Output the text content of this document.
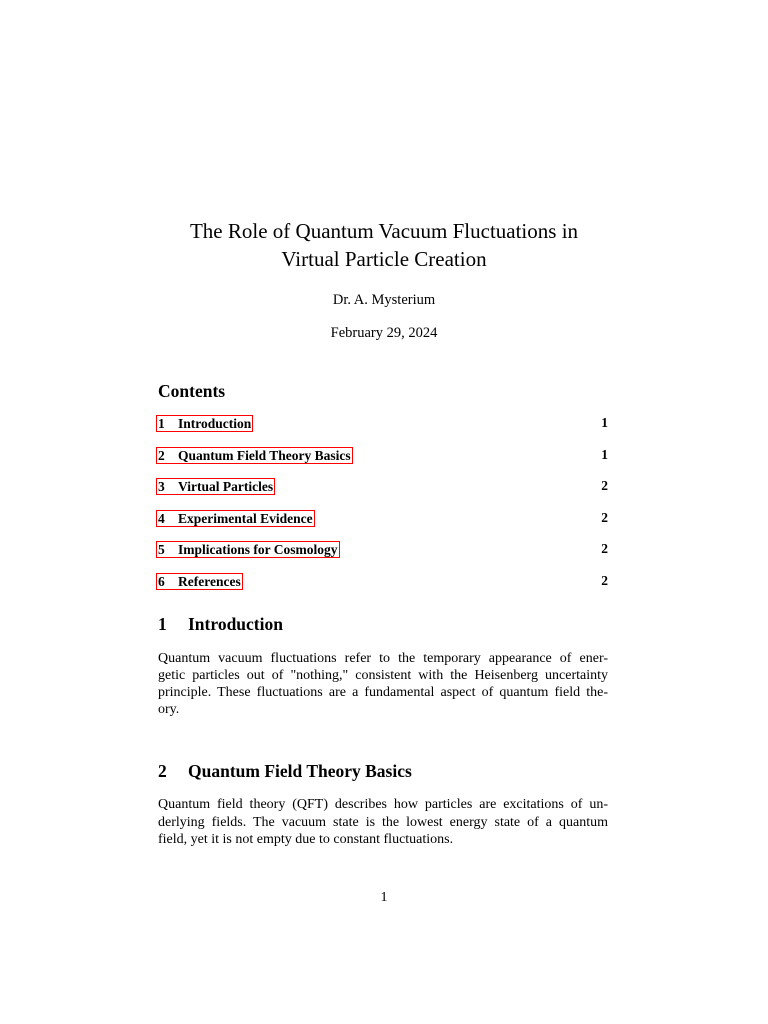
The Role of Quantum Vacuum Fluctuations in
Virtual Particle Creation
Dr. A. Mysterium
February 29, 2024
Contents
1 Introduction	1
2 Quantum Field Theory Basics	1
3 Virtual Particles	2
4 Experimental Evidence	2
5 Implications for Cosmology	2
6 References	2
1 Introduction
Quantum vacuum fluctuations refer to the temporary appearance of ener-
getic particles out of "nothing," consistent with the Heisenberg uncertainty
principle. These fluctuations are a fundamental aspect of quantum field the-
ory.
2 Quantum Field Theory Basics
Quantum field theory (QFT) describes how particles are excitations of un-
derlying fields. The vacuum state is the lowest energy state of a quantum
field, yet it is not empty due to constant fluctuations.
1
